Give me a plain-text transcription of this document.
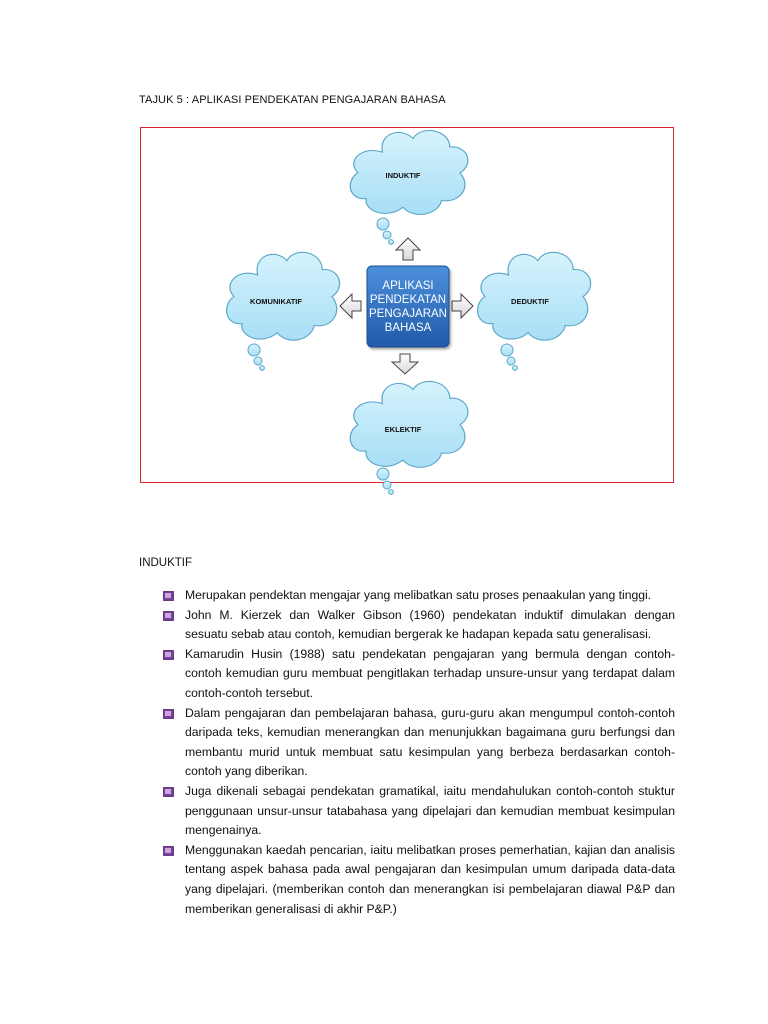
TAJUK 5 : APLIKASI PENDEKATAN PENGAJARAN BAHASA
INDUKTIF
KOMUNIKATIF	DEDUKTIF
EKLEKTIF
APLIKASI
PENDEKATAN
PENGAJARAN
BAHASA
INDUKTIF
Merupakan pendektan mengajar yang melibatkan satu proses penaakulan yang tinggi.
John M. Kierzek dan Walker Gibson (1960) pendekatan induktif dimulakan dengan sesuatu sebab atau contoh, kemudian bergerak ke hadapan kepada satu generalisasi.
Kamarudin Husin (1988) satu pendekatan pengajaran yang bermula dengan contoh-contoh kemudian guru membuat pengitlakan terhadap unsure-unsur yang terdapat dalam contoh-contoh tersebut.
Dalam pengajaran dan pembelajaran bahasa, guru-guru akan mengumpul contoh-contoh daripada teks, kemudian menerangkan dan menunjukkan bagaimana guru berfungsi dan membantu murid untuk membuat satu kesimpulan yang berbeza berdasarkan contoh-contoh yang diberikan.
Juga dikenali sebagai pendekatan gramatikal, iaitu mendahulukan contoh-contoh stuktur penggunaan unsur-unsur tatabahasa yang dipelajari dan kemudian membuat kesimpulan mengenainya.
Menggunakan kaedah pencarian, iaitu melibatkan proses pemerhatian, kajian dan analisis tentang aspek bahasa pada awal pengajaran dan kesimpulan umum daripada data-data yang dipelajari. (memberikan contoh dan menerangkan isi pembelajaran diawal P&P dan memberikan generalisasi di akhir P&P.)
